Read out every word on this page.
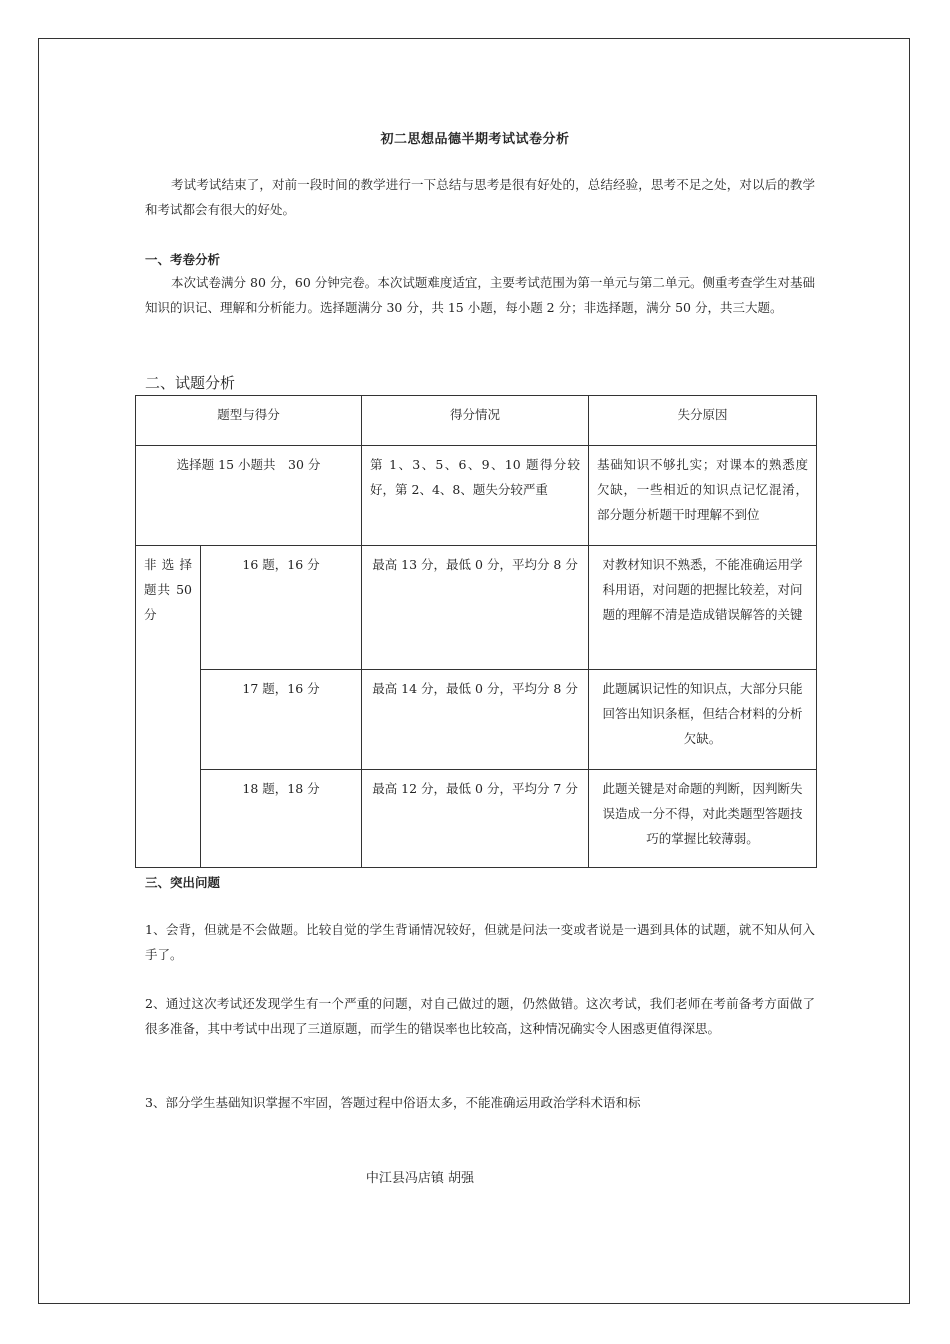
初二思想品德半期考试试卷分析
考试考试结束了，对前一段时间的教学进行一下总结与思考是很有好处的，总结经验，思考不足之处，对以后的教学和考试都会有很大的好处。
一、考卷分析
本次试卷满分 80 分，60 分钟完卷。本次试题难度适宜，主要考试范围为第一单元与第二单元。侧重考查学生对基础知识的识记、理解和分析能力。选择题满分 30 分，共 15 小题，每小题 2 分；非选择题，满分 50 分，共三大题。
二、试题分析
题型与得分		得分情况	失分原因
选择题 15 小题共　30 分		第 1、3、5、6、9、10 题得分较好，第 2、4、8、题失分较严重	基础知识不够扎实；对课本的熟悉度欠缺，一些相近的知识点记忆混淆，部分题分析题干时理解不到位
非选择题共 50 分	16 题，16 分	最高 13 分，最低 0 分，平均分 8 分	对教材知识不熟悉，不能准确运用学科用语，对问题的把握比较差，对问题的理解不清是造成错误解答的关键
	17 题，16 分	最高 14 分，最低 0 分，平均分 8 分	此题属识记性的知识点，大部分只能回答出知识条框，但结合材料的分析欠缺。
	18 题，18 分	最高 12 分，最低 0 分，平均分 7 分	此题关键是对命题的判断，因判断失误造成一分不得，对此类题型答题技巧的掌握比较薄弱。
三、突出问题
1、会背，但就是不会做题。比较自觉的学生背诵情况较好，但就是问法一变或者说是一遇到具体的试题，就不知从何入手了。
2、通过这次考试还发现学生有一个严重的问题，对自己做过的题，仍然做错。这次考试，我们老师在考前备考方面做了很多准备，其中考试中出现了三道原题，而学生的错误率也比较高，这种情况确实令人困惑更值得深思。
3、部分学生基础知识掌握不牢固，答题过程中俗语太多，不能准确运用政治学科术语和标
中江县冯店镇 胡强
